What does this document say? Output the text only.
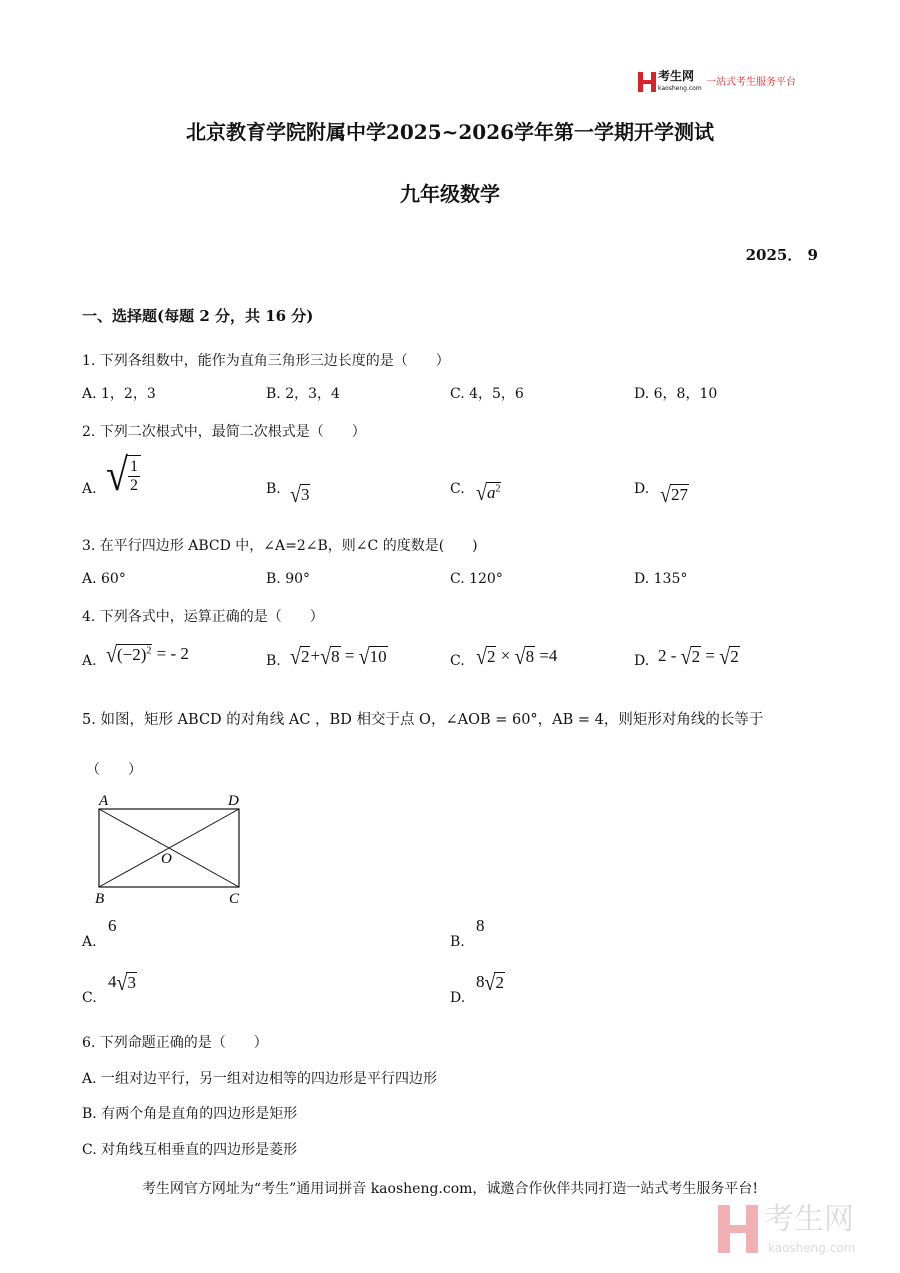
考生网
kaosheng.com
一站式考生服务平台
北京教育学院附属中学2025~2026学年第一学期开学测试
九年级数学
2025． 9
一、选择题(每题 2 分，共 16 分)
1. 下列各组数中，能作为直角三角形三边长度的是（　　）
A. 1，2，3	B. 2，3，4	C. 4，5，6	D. 6，8，10
2. 下列二次根式中，最简二次根式是（　　）
A. √ $\frac{1}{2}$	B. √ 3	C. √ $a^2$	D. √ 27
3. 在平行四边形 ABCD 中，∠A=2∠B，则∠C 的度数是(　　)
A. 60°	B. 90°	C. 120°	D. 135°
4. 下列各式中，运算正确的是（　　）
A. √ $(-2)^2$ = - 2	B. √ 2 + √ 8 = √ 10	C. √ 2 × √ 8 =4	D. 2 - √ 2 = √ 2
5. 如图，矩形 ABCD 的对角线 AC ，BD 相交于点 O，∠AOB = 60°，AB = 4，则矩形对角线的长等于
（　　）
A	D
O
B	C
A.
6
B.
8
C.
4 √ 3
D.
8 √ 2
6. 下列命题正确的是（　　）
A. 一组对边平行，另一组对边相等的四边形是平行四边形
B. 有两个角是直角的四边形是矩形
C. 对角线互相垂直的四边形是菱形
考生网官方网址为“考生”通用词拼音 kaosheng.com，诚邀合作伙伴共同打造一站式考生服务平台!
考生网
kaosheng.com
